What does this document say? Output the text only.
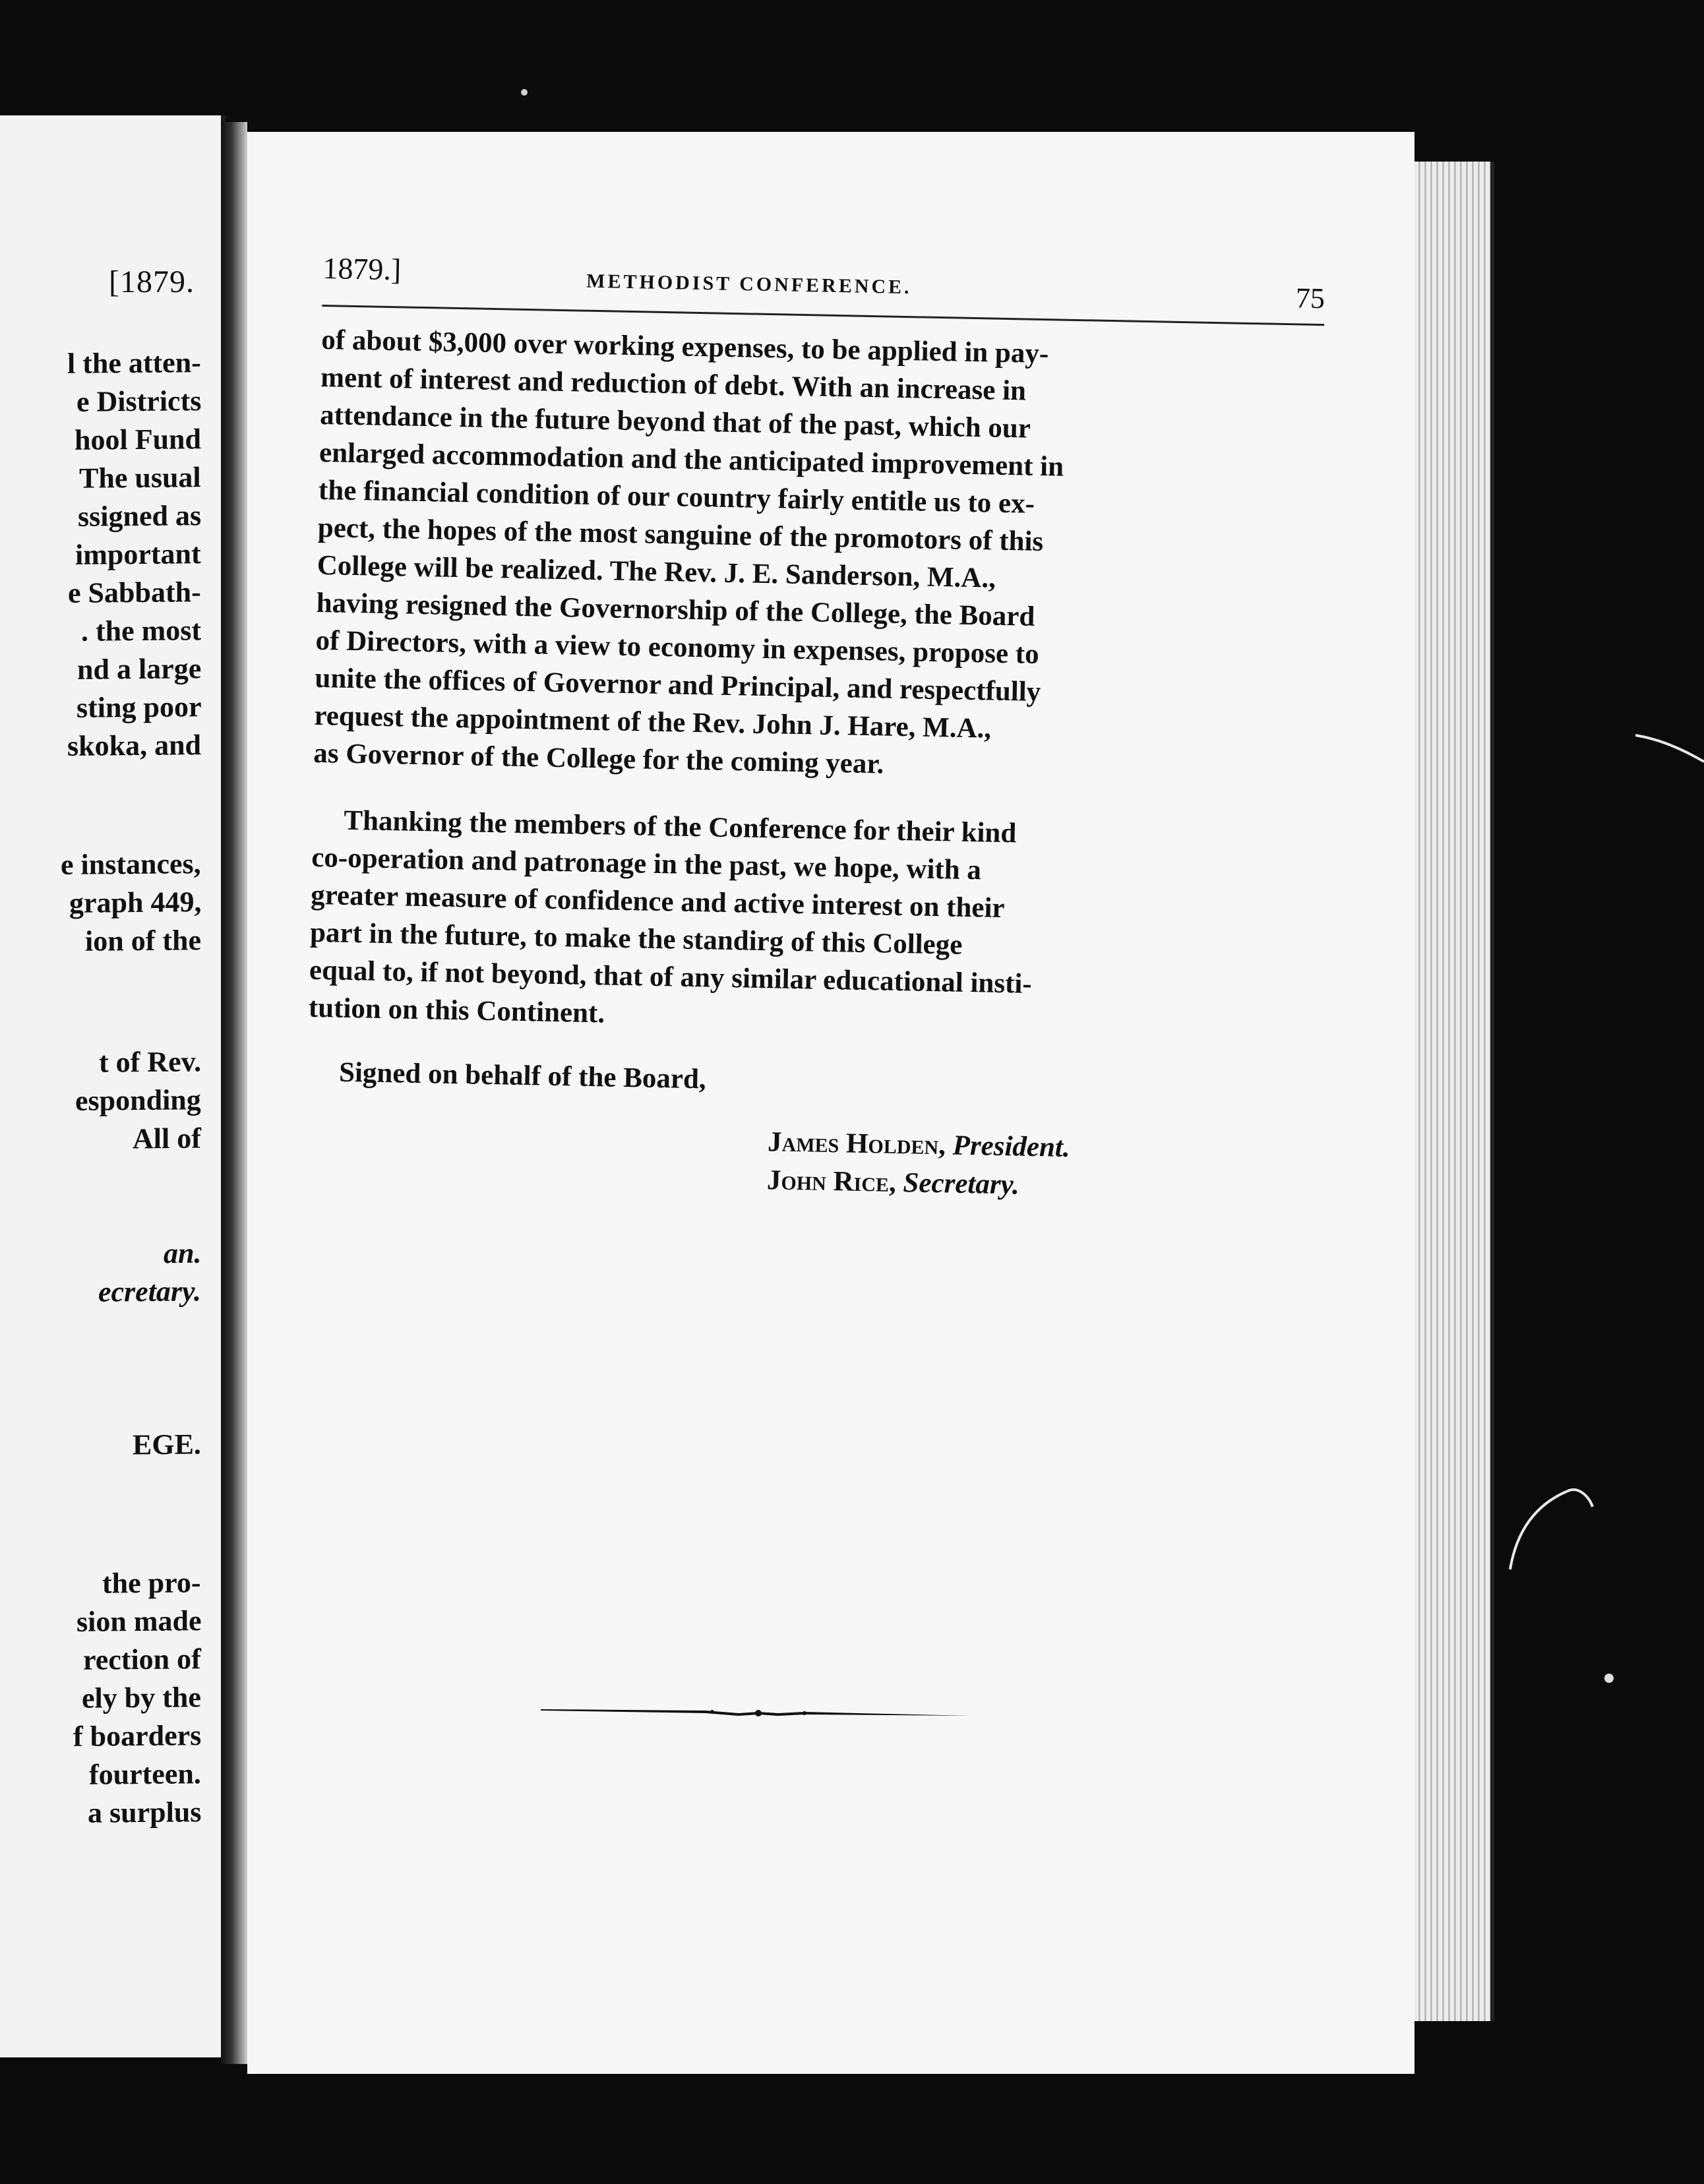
[1879.
l the atten-
e Districts
hool Fund
The usual
ssigned as
important
e Sabbath-
. the most
nd a large
sting poor
skoka, and
e instances,
graph 449,
ion of the
t of Rev.
esponding
All of
an.
ecretary.
EGE.
the pro-
sion made
rection of
ely by the
f boarders
fourteen.
a surplus
1879.]	METHODIST CONFERENCE.	75

of about $3,000 over working expenses, to be applied in pay-
ment of interest and reduction of debt. With an increase in
attendance in the future beyond that of the past, which our
enlarged accommodation and the anticipated improvement in
the financial condition of our country fairly entitle us to ex-
pect, the hopes of the most sanguine of the promotors of this
College will be realized. The Rev. J. E. Sanderson, M.A.,
having resigned the Governorship of the College, the Board
of Directors, with a view to economy in expenses, propose to
unite the offices of Governor and Principal, and respectfully
request the appointment of the Rev. John J. Hare, M.A.,
as Governor of the College for the coming year.

Thanking the members of the Conference for their kind
co-operation and patronage in the past, we hope, with a
greater measure of confidence and active interest on their
part in the future, to make the standirg of this College
equal to, if not beyond, that of any similar educational insti-
tution on this Continent.

Signed on behalf of the Board,
James Holden, President.
John Rice, Secretary.
